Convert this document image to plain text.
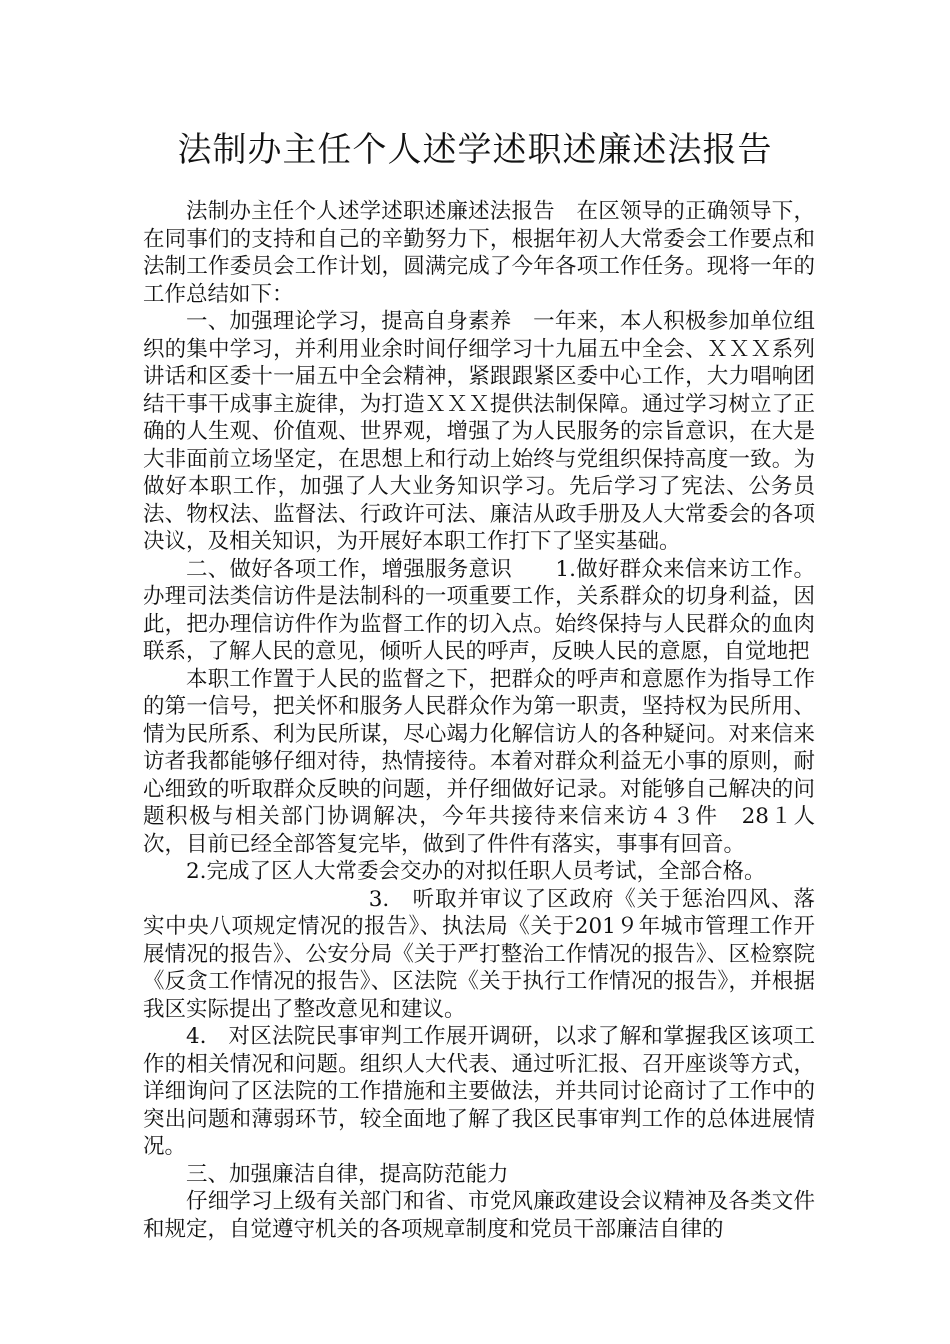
法制办主任个人述学述职述廉述法报告

法制办主任个人述学述职述廉述法报告　在区领导的正确领导下，在同事们的支持和自己的辛勤努力下，根据年初人大常委会工作要点和法制工作委员会工作计划，圆满完成了今年各项工作任务。现将一年的工作总结如下：

一、加强理论学习，提高自身素养　一年来，本人积极参加单位组织的集中学习，并利用业余时间仔细学习十九届五中全会、ＸＸＸ系列讲话和区委十一届五中全会精神，紧跟跟紧区委中心工作，大力唱响团结干事干成事主旋律，为打造ＸＸＸ提供法制保障。通过学习树立了正确的人生观、价值观、世界观，增强了为人民服务的宗旨意识，在大是大非面前立场坚定，在思想上和行动上始终与党组织保持高度一致。为做好本职工作，加强了人大业务知识学习。先后学习了宪法、公务员法、物权法、监督法、行政许可法、廉洁从政手册及人大常委会的各项决议，及相关知识，为开展好本职工作打下了坚实基础。

二、做好各项工作，增强服务意识　　1.做好群众来信来访工作。办理司法类信访件是法制科的一项重要工作，关系群众的切身利益，因此，把办理信访件作为监督工作的切入点。始终保持与人民群众的血肉联系，了解人民的意见，倾听人民的呼声，反映人民的意愿，自觉地把

本职工作置于人民的监督之下，把群众的呼声和意愿作为指导工作的第一信号，把关怀和服务人民群众作为第一职责，坚持权为民所用、情为民所系、利为民所谋，尽心竭力化解信访人的各种疑问。对来信来访者我都能够仔细对待，热情接待。本着对群众利益无小事的原则，耐心细致的听取群众反映的问题，并仔细做好记录。对能够自己解决的问题积极与相关部门协调解决，今年共接待来信来访４３件　28１人次，目前已经全部答复完毕，做到了件件有落实，事事有回音。

2.完成了区人大常委会交办的对拟任职人员考试，全部合格。

3.　听取并审议了区政府《关于惩治四风、落实中央八项规定情况的报告》、执法局《关于201９年城市管理工作开展情况的报告》、公安分局《关于严打整治工作情况的报告》、区检察院《反贪工作情况的报告》、区法院《关于执行工作情况的报告》，并根据我区实际提出了整改意见和建议。

4.　对区法院民事审判工作展开调研，以求了解和掌握我区该项工作的相关情况和问题。组织人大代表、通过听汇报、召开座谈等方式，详细询问了区法院的工作措施和主要做法，并共同讨论商讨了工作中的突出问题和薄弱环节，较全面地了解了我区民事审判工作的总体进展情况。

三、加强廉洁自律，提高防范能力

仔细学习上级有关部门和省、市党风廉政建设会议精神及各类文件和规定，自觉遵守机关的各项规章制度和党员干部廉洁自律的
